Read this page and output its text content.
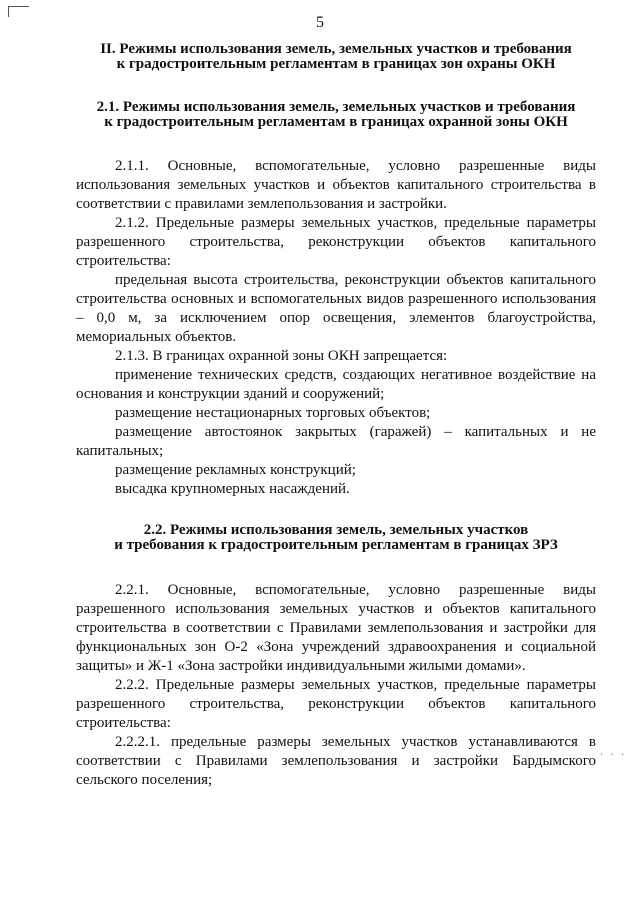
5
II. Режимы использования земель, земельных участков и требования
к градостроительным регламентам в границах зон охраны ОКН
2.1. Режимы использования земель, земельных участков и требования
к градостроительным регламентам в границах охранной зоны ОКН

2.1.1. Основные, вспомогательные, условно разрешенные виды использования земельных участков и объектов капитального строительства в соответствии с правилами землепользования и застройки.

2.1.2. Предельные размеры земельных участков, предельные параметры разрешенного строительства, реконструкции объектов капитального строительства:

предельная высота строительства, реконструкции объектов капитального строительства основных и вспомогательных видов разрешенного использования – 0,0 м, за исключением опор освещения, элементов благоустройства, мемориальных объектов.

2.1.3. В границах охранной зоны ОКН запрещается:

применение технических средств, создающих негативное воздействие на основания и конструкции зданий и сооружений;

размещение нестационарных торговых объектов;

размещение автостоянок закрытых (гаражей) – капитальных и не капитальных;

размещение рекламных конструкций;

высадка крупномерных насаждений.

2.2. Режимы использования земель, земельных участков
и требования к градостроительным регламентам в границах ЗРЗ

2.2.1. Основные, вспомогательные, условно разрешенные виды разрешенного использования земельных участков и объектов капитального строительства в соответствии с Правилами землепользования и застройки для функциональных зон О-2 «Зона учреждений здравоохранения и социальной защиты» и Ж-1 «Зона застройки индивидуальными жилыми домами».

2.2.2. Предельные размеры земельных участков, предельные параметры разрешенного строительства, реконструкции объектов капитального строительства:

2.2.2.1. предельные размеры земельных участков устанавливаются в соответствии с Правилами землепользования и застройки Бардымского сельского поселения;

. . .
